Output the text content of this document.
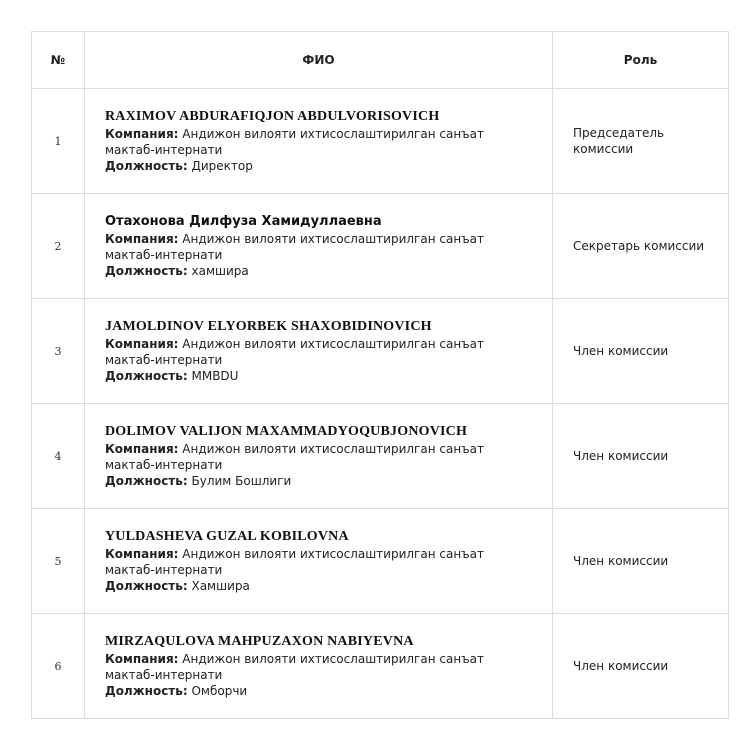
№	ФИО	Роль
1	RAXIMOV ABDURAFIQJON ABDULVORISOVICH
Компания: Андижон вилояти ихтисослаштирилган санъат мактаб-интернати
Должность: Директор	Председатель комиссии
2	Отахонова Дилфуза Хамидуллаевна
Компания: Андижон вилояти ихтисослаштирилган санъат мактаб-интернати
Должность: хамшира	Секретарь комиссии
3	JAMOLDINOV ELYORBEK SHAXOBIDINOVICH
Компания: Андижон вилояти ихтисослаштирилган санъат мактаб-интернати
Должность: MMBDU	Член комиссии
4	DOLIMOV VALIJON MAXAMMADYOQUBJONOVICH
Компания: Андижон вилояти ихтисослаштирилган санъат мактаб-интернати
Должность: Булим Бошлиги	Член комиссии
5	YULDASHEVA GUZAL KOBILOVNA
Компания: Андижон вилояти ихтисослаштирилган санъат мактаб-интернати
Должность: Хамшира	Член комиссии
6	MIRZAQULOVA MAHPUZAXON NABIYEVNA
Компания: Андижон вилояти ихтисослаштирилган санъат мактаб-интернати
Должность: Омборчи	Член комиссии
